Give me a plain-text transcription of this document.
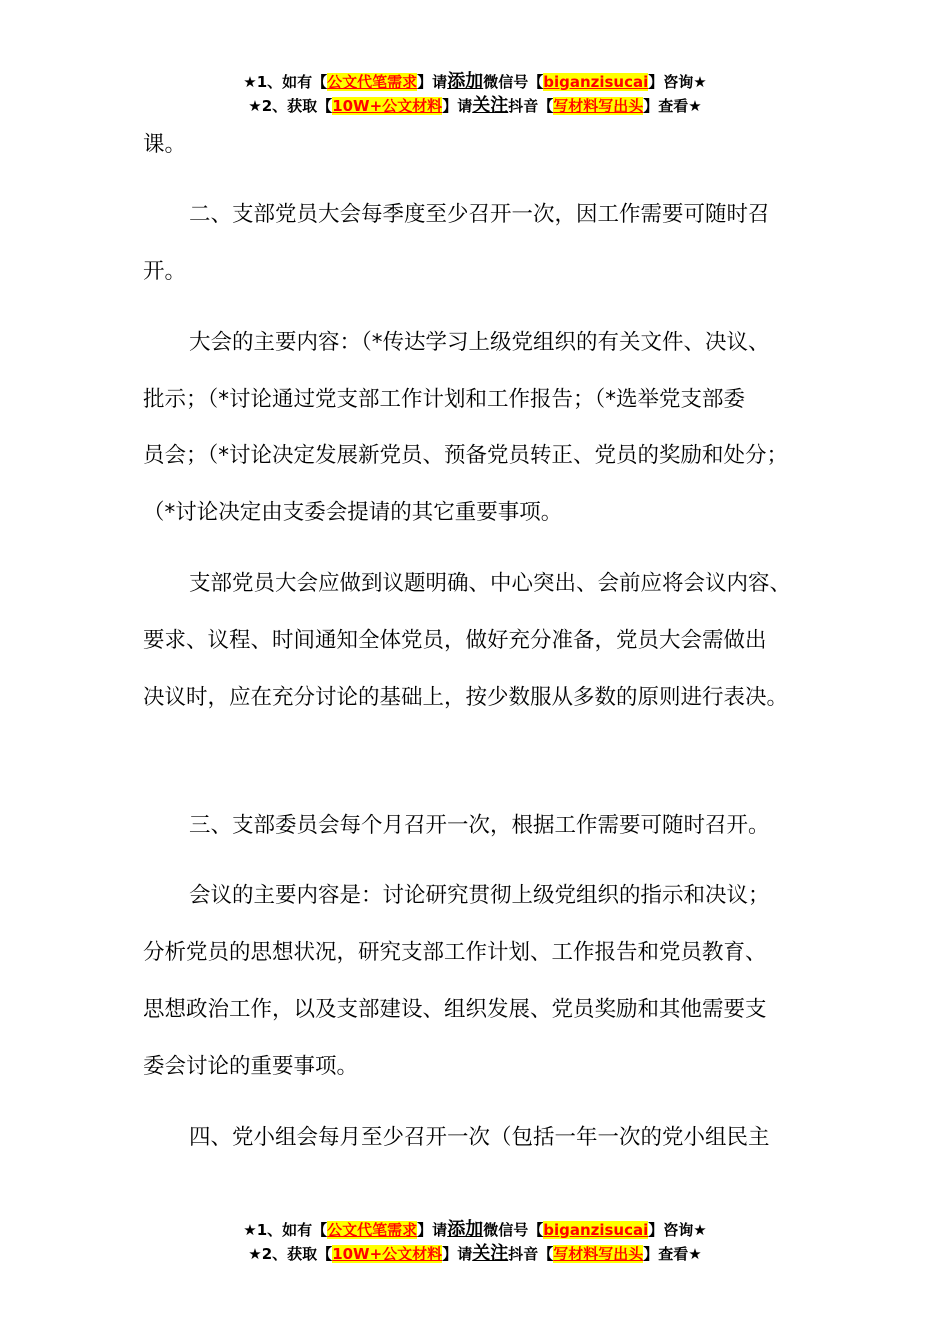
★1、如有【公文代笔需求】请添加微信号【biganzisucai】咨询★
★2、获取【10W+公文材料】请关注抖音【写材料写出头】查看★
课。
二、支部党员大会每季度至少召开一次，因工作需要可随时召
开。
大会的主要内容：（*传达学习上级党组织的有关文件、决议、
批示；（*讨论通过党支部工作计划和工作报告；（*选举党支部委
员会；（*讨论决定发展新党员、预备党员转正、党员的奖励和处分；
（*讨论决定由支委会提请的其它重要事项。
支部党员大会应做到议题明确、中心突出、会前应将会议内容、
要求、议程、时间通知全体党员，做好充分准备，党员大会需做出
决议时，应在充分讨论的基础上，按少数服从多数的原则进行表决。
三、支部委员会每个月召开一次，根据工作需要可随时召开。
会议的主要内容是：讨论研究贯彻上级党组织的指示和决议；
分析党员的思想状况，研究支部工作计划、工作报告和党员教育、
思想政治工作，以及支部建设、组织发展、党员奖励和其他需要支
委会讨论的重要事项。
四、党小组会每月至少召开一次（包括一年一次的党小组民主
★1、如有【公文代笔需求】请添加微信号【biganzisucai】咨询★
★2、获取【10W+公文材料】请关注抖音【写材料写出头】查看★
